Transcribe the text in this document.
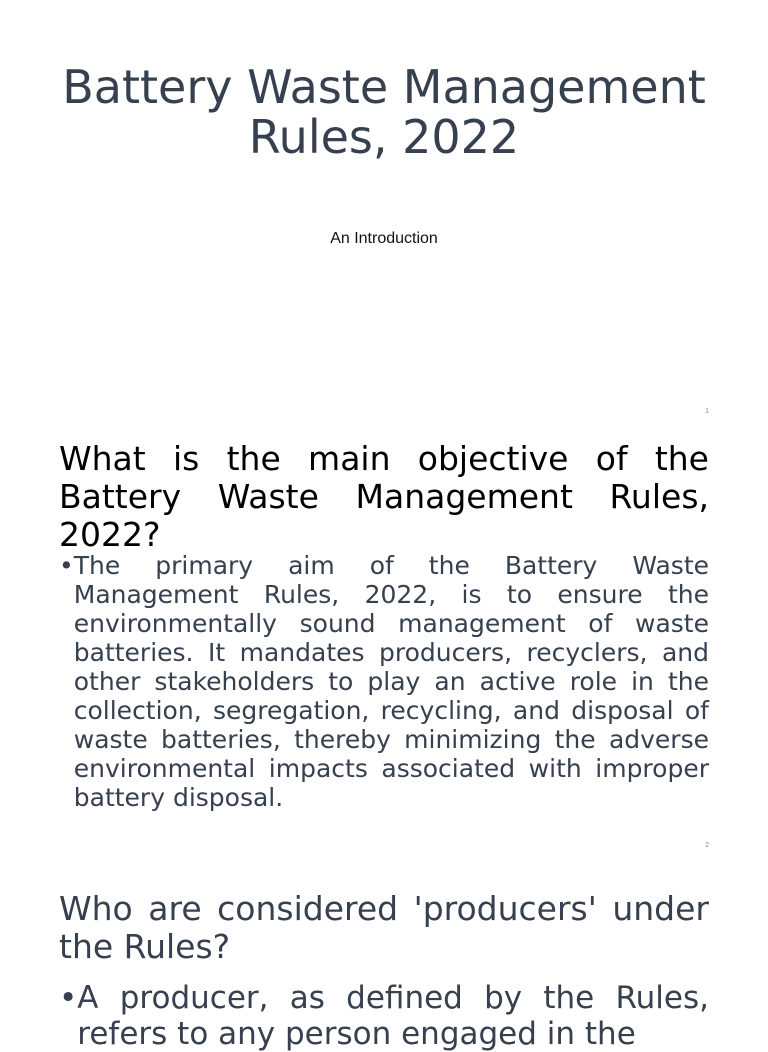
Battery Waste Management Rules, 2022
An Introduction
1
What is the main objective of the Battery Waste Management Rules, 2022?
• The primary aim of the Battery Waste Management Rules, 2022, is to ensure the environmentally sound management of waste batteries. It mandates producers, recyclers, and other stakeholders to play an active role in the collection, segregation, recycling, and disposal of waste batteries, thereby minimizing the adverse environmental impacts associated with improper battery disposal.
2
Who are considered 'producers' under the Rules?
• A producer, as defined by the Rules, refers to any person engaged in the
